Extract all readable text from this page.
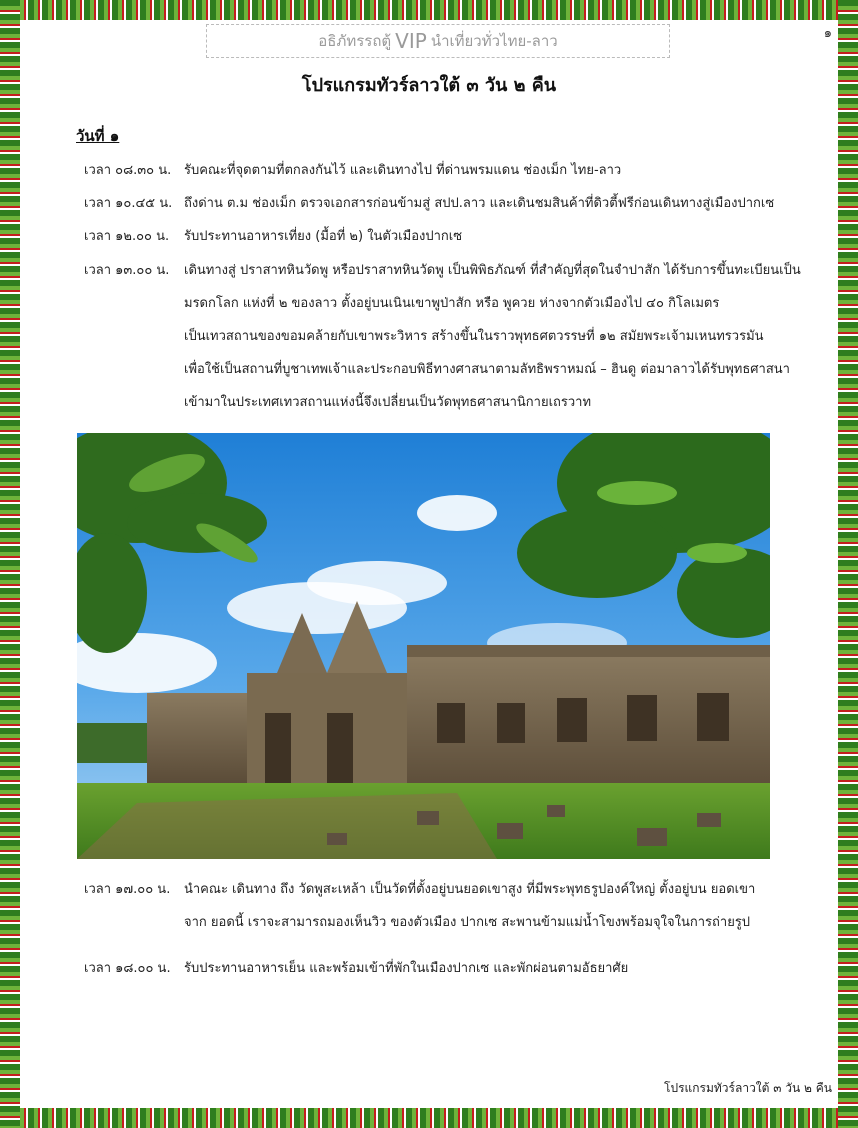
๑
อธิภัทรรถตู้ VIP นำเที่ยวทั่วไทย-ลาว
โปรแกรมทัวร์ลาวใต้ ๓ วัน ๒ คืน
วันที่ ๑
เวลา ๐๘.๓๐ น. รับคณะที่จุดตามที่ตกลงกันไว้ และเดินทางไป ที่ด่านพรมแดน ช่องเม็ก ไทย-ลาว
เวลา ๑๐.๔๕ น. ถึงด่าน ต.ม ช่องเม็ก ตรวจเอกสารก่อนข้ามสู่ สปป.ลาว และเดินชมสินค้าที่ดิวตี้ฟรีก่อนเดินทางสู่เมืองปากเซ
เวลา ๑๒.๐๐ น. รับประทานอาหารเที่ยง (มื้อที่ ๒) ในตัวเมืองปากเซ
เวลา ๑๓.๐๐ น. เดินทางสู่ ปราสาทหินวัดพู หรือปราสาทหินวัดพู เป็นพิพิธภัณฑ์ ที่สำคัญที่สุดในจำปาสัก ได้รับการขึ้นทะเบียนเป็น
มรดกโลก แห่งที่ ๒ ของลาว ตั้งอยู่บนเนินเขาพูป่าสัก หรือ พูควย ห่างจากตัวเมืองไป ๔๐ กิโลเมตร
เป็นเทวสถานของขอมคล้ายกับเขาพระวิหาร สร้างขึ้นในราวพุทธศตวรรษที่ ๑๒ สมัยพระเจ้ามเหนทรวรมัน
เพื่อใช้เป็นสถานที่บูชาเทพเจ้าและประกอบพิธีทางศาสนาตามลัทธิพราหมณ์ – ฮินดู ต่อมาลาวได้รับพุทธศาสนา
เข้ามาในประเทศเทวสถานแห่งนี้จึงเปลี่ยนเป็นวัดพุทธศาสนานิกายเถรวาท
เวลา ๑๗.๐๐ น. นำคณะ เดินทาง ถึง วัดพูสะเหล้า เป็นวัดที่ตั้งอยู่บนยอดเขาสูง ที่มีพระพุทธรูปองค์ใหญ่ ตั้งอยู่บน ยอดเขา
จาก ยอดนี้ เราจะสามารถมองเห็นวิว ของตัวเมือง ปากเซ สะพานข้ามแม่น้ำโขงพร้อมจุใจในการถ่ายรูป
เวลา ๑๘.๐๐ น. รับประทานอาหารเย็น และพร้อมเข้าที่พักในเมืองปากเซ และพักผ่อนตามอัธยาศัย
โปรแกรมทัวร์ลาวใต้ ๓ วัน ๒ คืน
